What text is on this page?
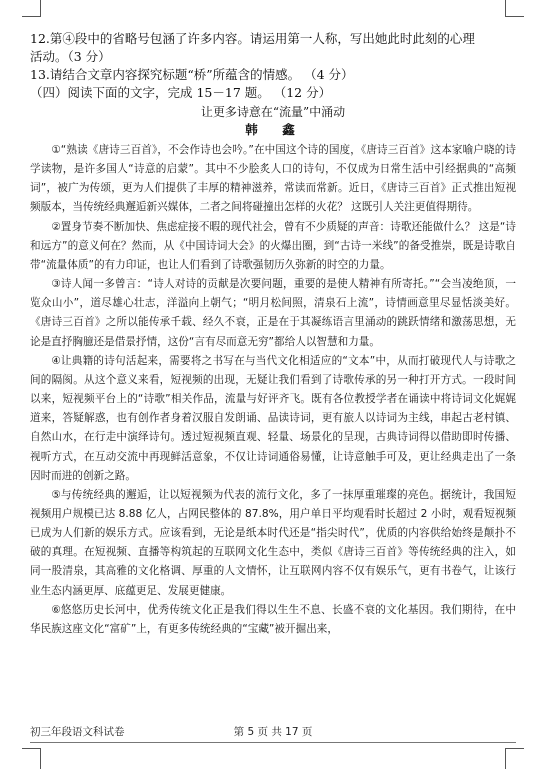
12.第④段中的省略号包涵了许多内容。请运用第一人称，写出她此时此刻的心理

活动。（3 分）

13.请结合文章内容探究标题“桥”所蕴含的情感。 （4 分）

（四）阅读下面的文字，完成 15－17 题。 （12 分）

让更多诗意在“流量”中涌动

韩　鑫

①“熟读《唐诗三百首》，不会作诗也会吟。”在中国这个诗的国度，《唐诗三百首》这本家喻户晓的诗学读物，是许多国人“诗意的启蒙”。其中不少脍炙人口的诗句，不仅成为日常生活中引经据典的“高频词”，被广为传颂，更为人们提供了丰厚的精神滋养，常读而常新。近日，《唐诗三百首》正式推出短视频版本，当传统经典邂逅新兴媒体，二者之间将碰撞出怎样的火花？ 这既引人关注更值得期待。

②置身节奏不断加快、焦虑症接不暇的现代社会，曾有不少质疑的声音：诗歌还能做什么？ 这是“诗和远方”的意义何在？然而，从《中国诗词大会》的火爆出圈，到“古诗一米线”的备受推崇，既是诗歌自带“流量体质”的有力印证，也让人们看到了诗歌强韧历久弥新的时空的力量。

③诗人闻一多曾言：“诗人对诗的贡献是次要问题，重要的是使人精神有所寄托。”“会当凌绝顶，一览众山小”，道尽雄心壮志，洋溢向上朝气；“明月松间照，清泉石上流”，诗情画意里尽显恬淡美好。《唐诗三百首》之所以能传承千载、经久不衰，正是在于其凝练语言里涌动的跳跃情绪和激荡思想，无论是直抒胸臆还是借景抒情，这份“言有尽而意无穷”都给人以智慧和力量。

④让典籍的诗句活起来，需要将之书写在与当代文化相适应的“文本”中，从而打破现代人与诗歌之间的隔阂。从这个意义来看，短视频的出现，无疑让我们看到了诗歌传承的另一种打开方式。一段时间以来，短视频平台上的“诗歌”相关作品，流量与好评齐飞。既有各位教授学者在诵读中将诗词文化娓娓道来，答疑解惑，也有创作者身着汉服自发朗诵、品读诗词，更有旅人以诗词为主线，串起古老村镇、自然山水，在行走中演绎诗句。透过短视频直观、轻量、场景化的呈现，古典诗词得以借助即时传播、视听方式，在互动交流中再现鲜活意象，不仅让诗词通俗易懂，让诗意触手可及，更让经典走出了一条因时而进的创新之路。

⑤与传统经典的邂逅，让以短视频为代表的流行文化，多了一抹厚重璀璨的亮色。据统计，我国短视频用户规模已达 8.88 亿人，占网民整体的 87.8%，用户单日平均观看时长超过 2 小时，观看短视频已成为人们新的娱乐方式。应该看到，无论是纸本时代还是“指尖时代”，优质的内容供给始终是颠扑不破的真理。在短视频、直播等构筑起的互联网文化生态中，类似《唐诗三百首》等传统经典的注入，如同一股清泉，其高雅的文化格调、厚重的人文情怀，让互联网内容不仅有娱乐气，更有书卷气，让该行业生态内涵更厚、底蕴更足、发展更健康。

⑥悠悠历史长河中，优秀传统文化正是我们得以生生不息、长盛不衰的文化基因。我们期待，在中华民族这座文化“富矿”上，有更多传统经典的“宝藏”被开掘出来，

初三年段语文科试卷	第 5 页 共 17 页
